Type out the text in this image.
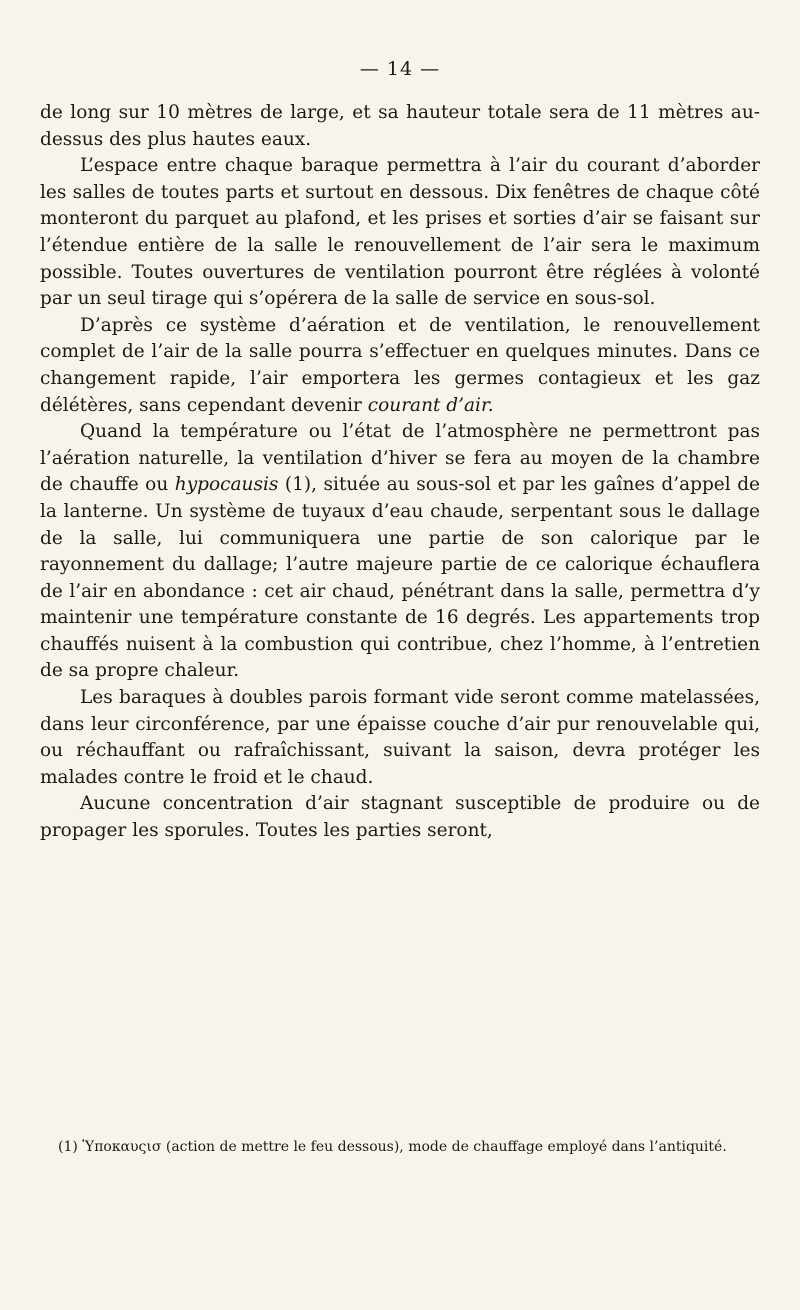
— 14 —

de long sur 10 mètres de large, et sa hauteur totale sera de 11 mètres au-dessus des plus hautes eaux.

L’espace entre chaque baraque permettra à l’air du courant d’aborder les salles de toutes parts et surtout en dessous. Dix fenêtres de chaque côté monteront du parquet au plafond, et les prises et sorties d’air se faisant sur l’étendue entière de la salle le renouvellement de l’air sera le maximum possible. Toutes ouvertures de ventilation pourront être réglées à volonté par un seul tirage qui s’opérera de la salle de service en sous-sol.

D’après ce système d’aération et de ventilation, le renouvellement complet de l’air de la salle pourra s’effectuer en quelques minutes. Dans ce changement rapide, l’air emportera les germes contagieux et les gaz délétères, sans cependant devenir courant d’air.

Quand la température ou l’état de l’atmosphère ne permettront pas l’aération naturelle, la ventilation d’hiver se fera au moyen de la chambre de chauffe ou hypocausis (1), située au sous-sol et par les gaînes d’appel de la lanterne. Un système de tuyaux d’eau chaude, serpentant sous le dallage de la salle, lui communiquera une partie de son calorique par le rayonnement du dallage; l’autre majeure partie de ce calorique échauflera de l’air en abondance : cet air chaud, pénétrant dans la salle, permettra d’y maintenir une température constante de 16 degrés. Les appartements trop chauffés nuisent à la combustion qui contribue, chez l’homme, à l’entretien de sa propre chaleur.

Les baraques à doubles parois formant vide seront comme matelassées, dans leur circonférence, par une épaisse couche d’air pur renouvelable qui, ou réchauffant ou rafraîchissant, suivant la saison, devra protéger les malades contre le froid et le chaud.

Aucune concentration d’air stagnant susceptible de produire ou de propager les sporules. Toutes les parties seront,

(1) Ὑποκαυςισ (action de mettre le feu dessous), mode de chauffage employé dans l’antiquité.
